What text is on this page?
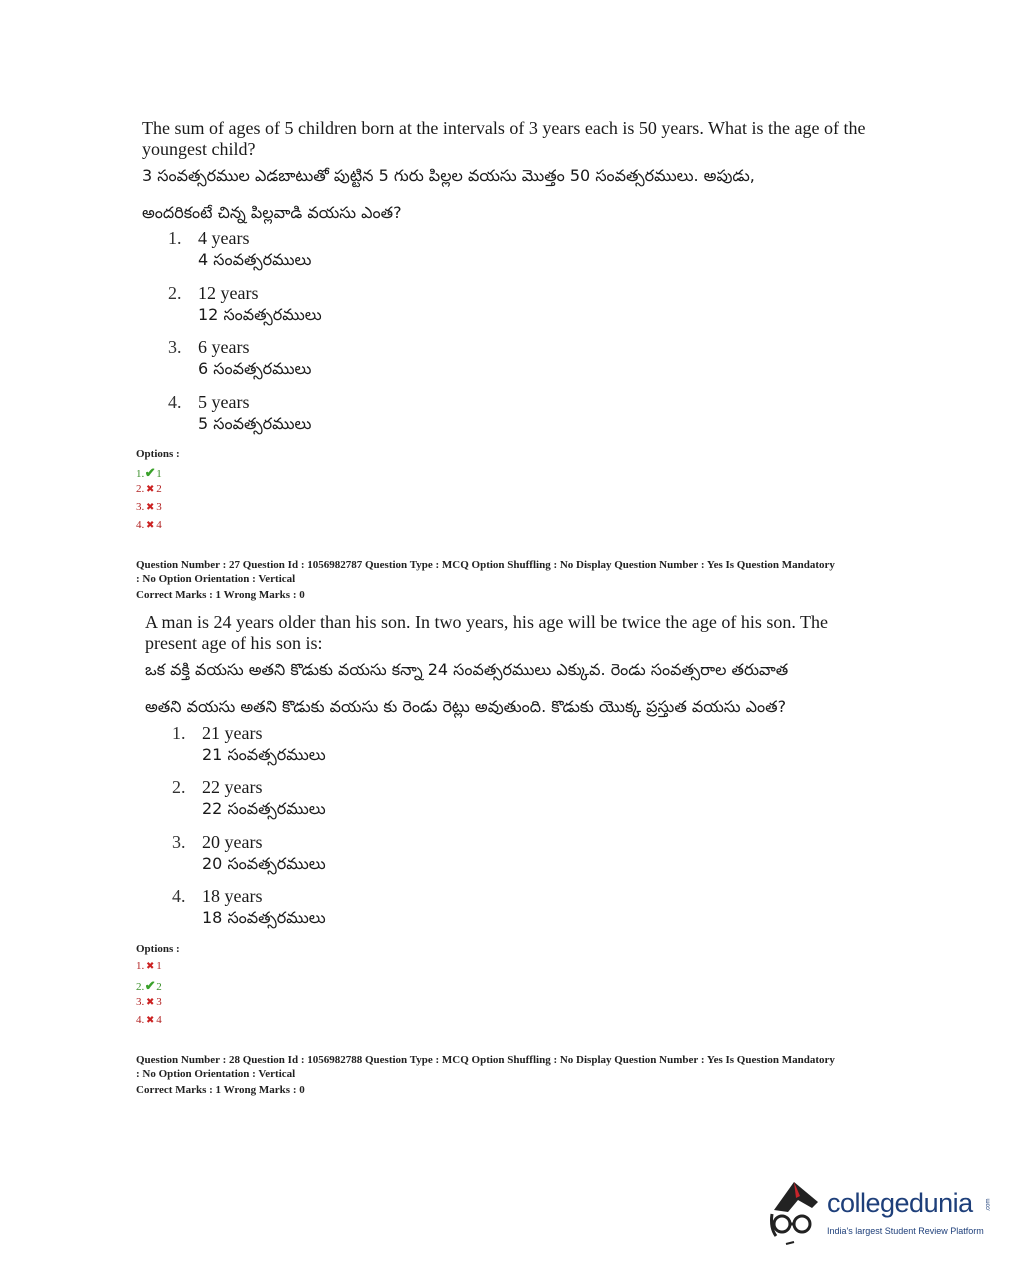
The sum of ages of 5 children born at the intervals of 3 years each is 50 years. What is the age of the youngest child?

3 సంవత్సరముల ఎడబాటుతో పుట్టిన 5 గురు పిల్లల వయసు మొత్తం 50 సంవత్సరములు. అపుడు,

అందరికంటే చిన్న పిల్లవాడి వయసు ఎంత?

1. 4 years
4 సంవత్సరములు
2. 12 years
12 సంవత్సరములు
3. 6 years
6 సంవత్సరములు
4. 5 years
5 సంవత్సరములు
Options :
1.✔1
2. ✖ 2
3. ✖ 3
4. ✖ 4

Question Number : 27 Question Id : 1056982787 Question Type : MCQ Option Shuffling : No Display Question Number : Yes Is Question Mandatory

: No Option Orientation : Vertical

Correct Marks : 1 Wrong Marks : 0

A man is 24 years older than his son. In two years, his age will be twice the age of his son. The present age of his son is:

ఒక వక్తి వయసు అతని కొడుకు వయసు కన్నా 24 సంవత్సరములు ఎక్కువ. రెండు సంవత్సరాల తరువాత

అతని వయసు అతని కొడుకు వయసు కు రెండు రెట్లు అవుతుంది. కొడుకు యొక్క ప్రస్తుత వయసు ఎంత?

1. 21 years
21 సంవత్సరములు
2. 22 years
22 సంవత్సరములు
3. 20 years
20 సంవత్సరములు
4. 18 years
18 సంవత్సరములు
Options :
1. ✖ 1
2.✔2
3. ✖ 3
4. ✖ 4

Question Number : 28 Question Id : 1056982788 Question Type : MCQ Option Shuffling : No Display Question Number : Yes Is Question Mandatory

: No Option Orientation : Vertical

Correct Marks : 1 Wrong Marks : 0

collegedunia .com
India's largest Student Review Platform
